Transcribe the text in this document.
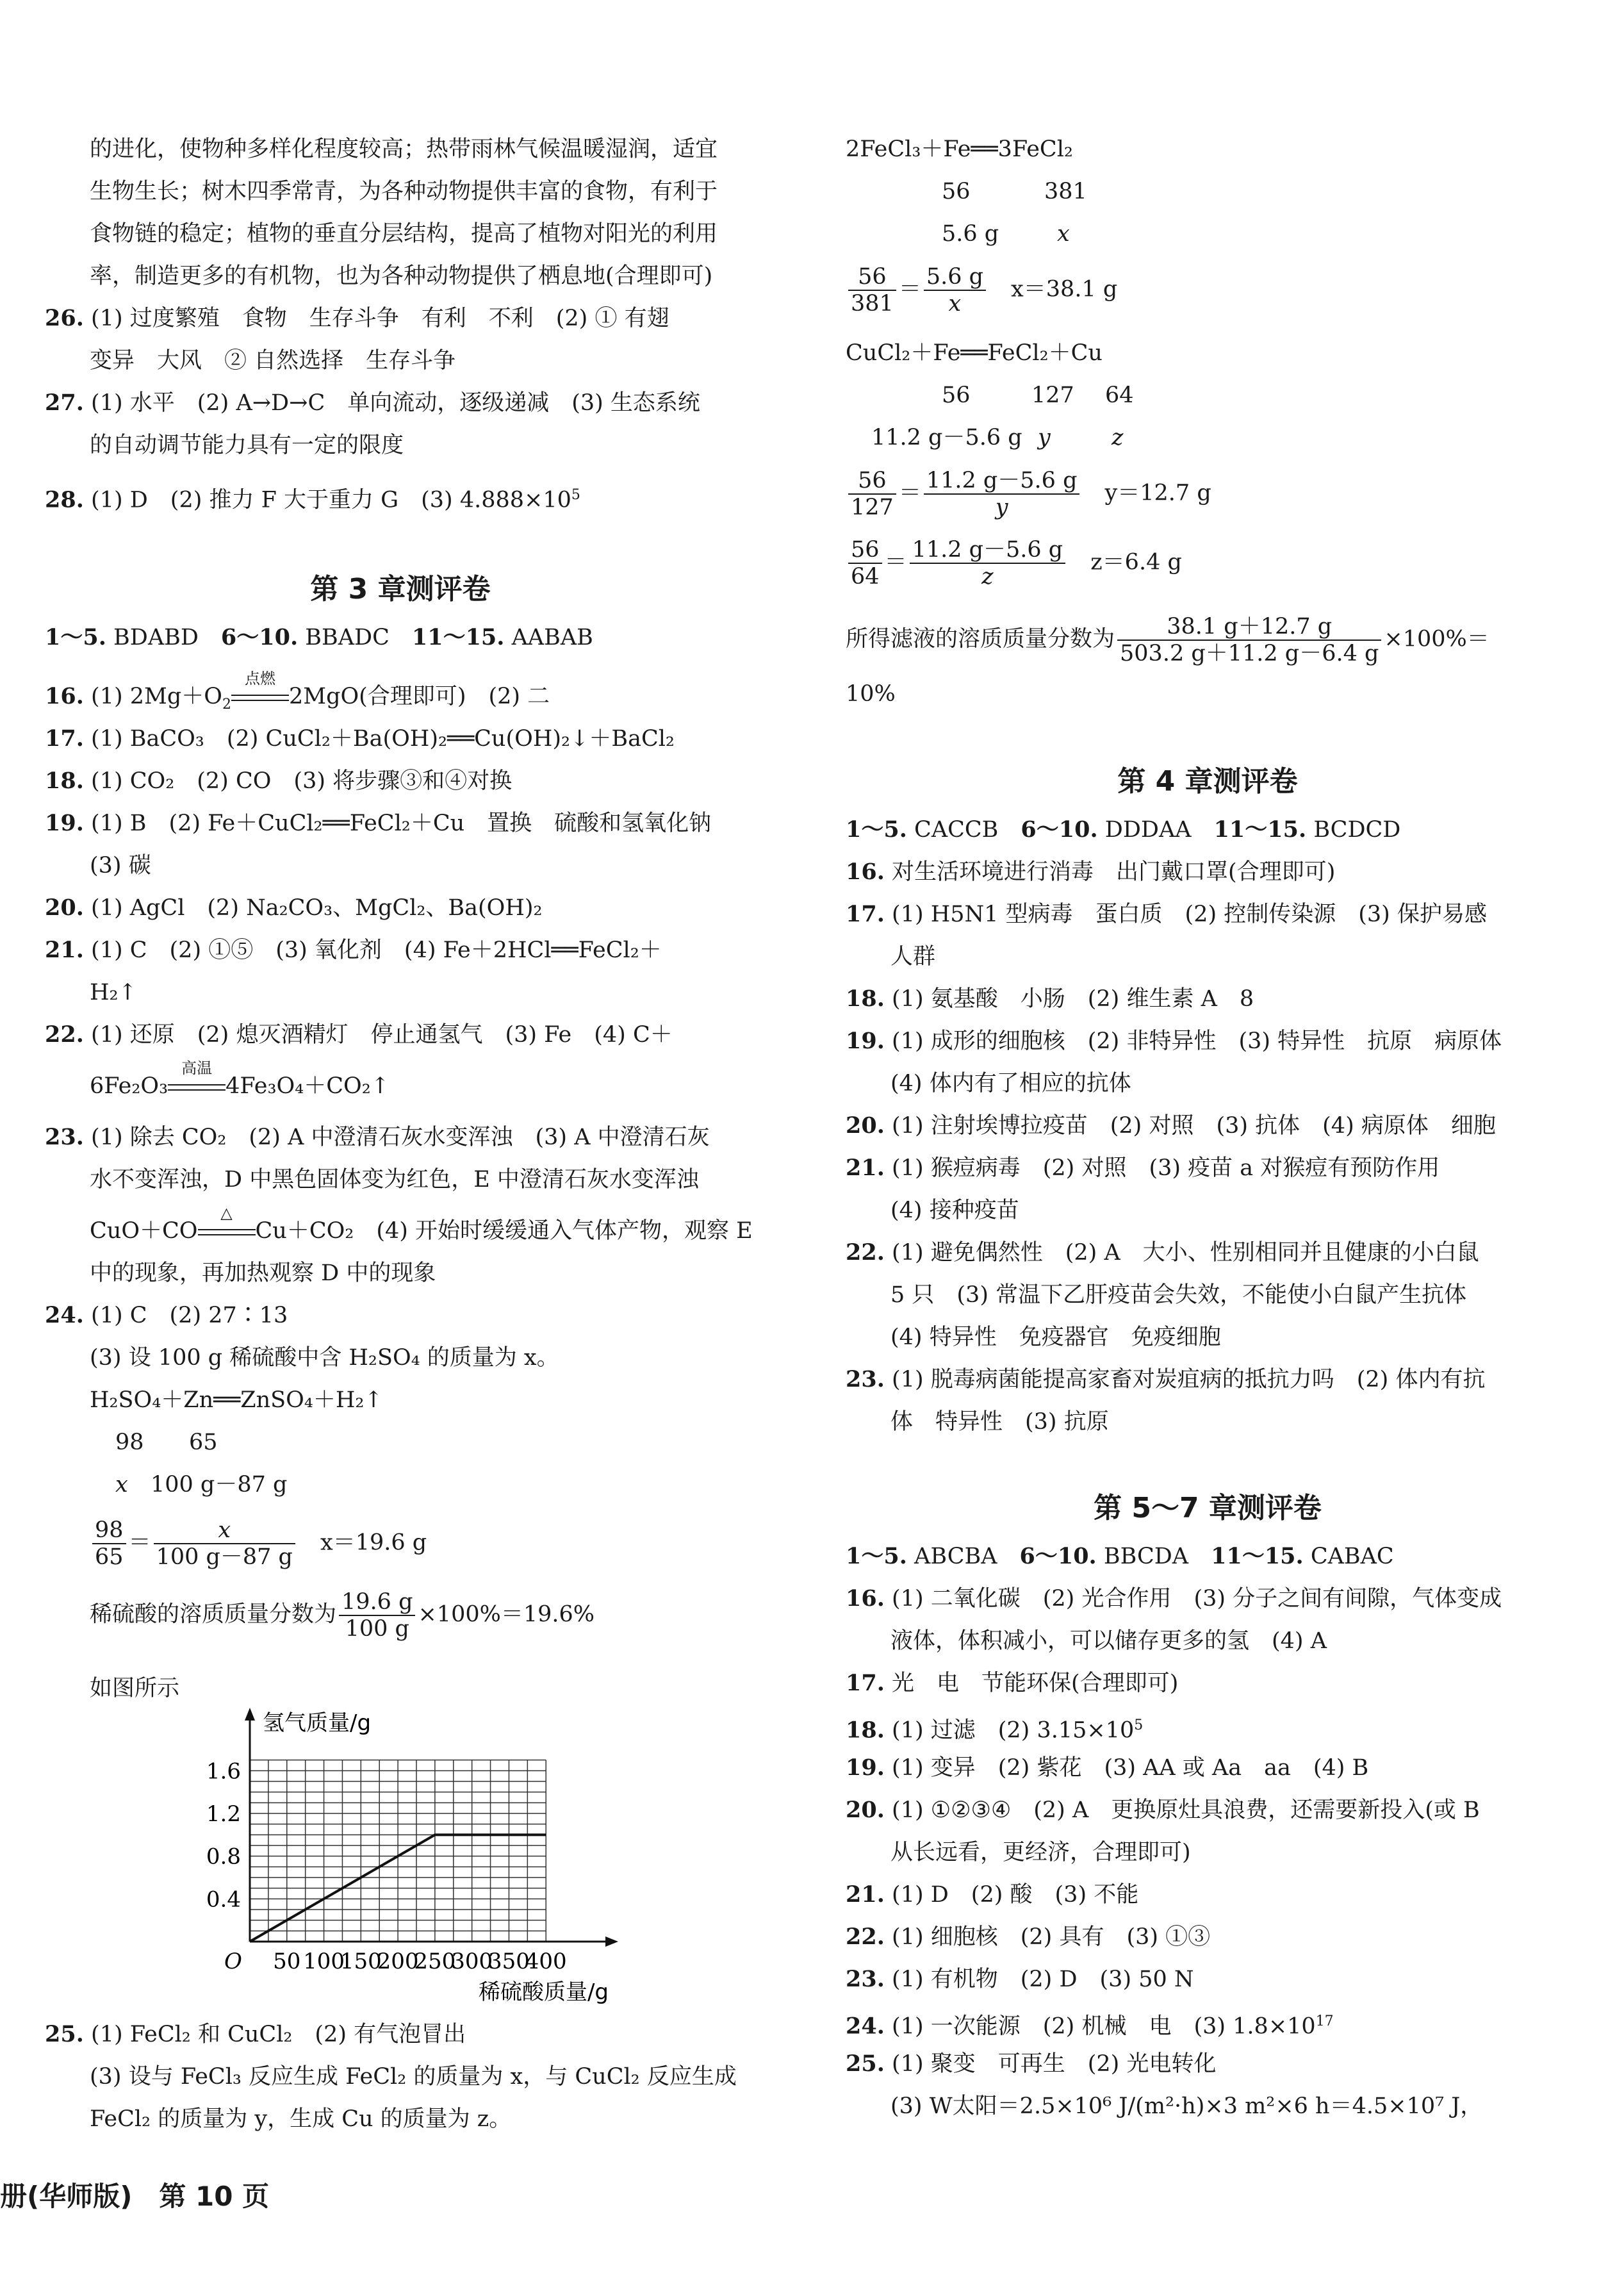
的进化，使物种多样化程度较高；热带雨林气候温暖湿润，适宜
生物生长；树木四季常青，为各种动物提供丰富的食物，有利于
食物链的稳定；植物的垂直分层结构，提高了植物对阳光的利用
率，制造更多的有机物，也为各种动物提供了栖息地(合理即可)
26. (1) 过度繁殖　食物　生存斗争　有利　不利　(2) ① 有翅
变异　大风　② 自然选择　生存斗争
27. (1) 水平　(2) A→D→C　单向流动，逐级递减　(3) 生态系统
的自动调节能力具有一定的限度
28. (1) D　(2) 推力 F 大于重力 G　(3) $4.888\times 10^5$
第 3 章测评卷
1～5. BDABD　 6～10. BBADC　 11～15. AABAB
16. (1) $2Mg+O_2$
点燃
2MgO(合理即可)　(2) 二
17. (1) BaCO₃　(2) CuCl₂＋Ba(OH)₂══Cu(OH)₂↓＋BaCl₂
18. (1) CO₂　(2) CO　(3) 将步骤③和④对换
19. (1) B　(2) Fe＋CuCl₂══FeCl₂＋Cu　置换　硫酸和氢氧化钠
(3) 碳
20. (1) AgCl　(2) Na₂CO₃、MgCl₂、Ba(OH)₂
21. (1) C　(2) ①⑤　(3) 氧化剂　(4) Fe＋2HCl══FeCl₂＋
H₂↑
22. (1) 还原　(2) 熄灭酒精灯　停止通氢气　(3) Fe　(4) C＋
6Fe₂O₃
高温
4Fe₃O₄＋CO₂↑
23. (1) 除去 CO₂　(2) A 中澄清石灰水变浑浊　(3) A 中澄清石灰
水不变浑浊，D 中黑色固体变为红色，E 中澄清石灰水变浑浊
CuO＋CO
△
Cu＋CO₂　(4) 开始时缓缓通入气体产物，观察 E
中的现象，再加热观察 D 中的现象
24. (1) C　(2) 27∶13
(3) 设 100 g 稀硫酸中含 H₂SO₄ 的质量为 x。
H₂SO₄＋Zn══ZnSO₄＋H₂↑
98 65
x 100 g－87 g
$\frac{98}{65} = \frac{x}{100 g-87 g}$
　 x＝19.6 g
稀硫酸的溶质质量分数为 $\frac{19.6 g}{100 g} \times 100\%=19.6\%$
如图所示
50 100
150
200
250
300
350
400
0.4
0.8
1.2
1.6
O
氢气质量/g
稀硫酸质量/g
25. (1) FeCl₂ 和 CuCl₂　(2) 有气泡冒出
(3) 设与 FeCl₃ 反应生成 FeCl₂ 的质量为 x，与 CuCl₂ 反应生成
FeCl₂ 的质量为 y，生成 Cu 的质量为 z。
册(华师版)　第 10 页
2FeCl₃＋Fe══3FeCl₂
56	381
5.6 g	x
$\frac{56}{381} = \frac{5.6 g}{x}$
　 x＝38.1 g
CuCl₂＋Fe══FeCl₂＋Cu
56	127 64
11.2 g－5.6 g y	z
$\frac{56}{127} = \frac{11.2 g-5.6 g}{y}$
　 y＝12.7 g
$\frac{56}{64} = \frac{11.2 g-5.6 g}{z}$
　 z＝6.4 g
所得滤液的溶质质量分数为 $\frac{38.1 g+12.7 g}{503.2 g+11.2 g-6.4 g} \times 100\%=$
10%
第 4 章测评卷
1～5. CACCB　 6～10. DDDAA　 11～15. BCDCD
16. 对生活环境进行消毒　出门戴口罩(合理即可)
17. (1) H5N1 型病毒　蛋白质　(2) 控制传染源　(3) 保护易感
人群
18. (1) 氨基酸　小肠　(2) 维生素 A　8
19. (1) 成形的细胞核　(2) 非特异性　(3) 特异性　抗原　病原体
(4) 体内有了相应的抗体
20. (1) 注射埃博拉疫苗　(2) 对照　(3) 抗体　(4) 病原体　细胞
21. (1) 猴痘病毒　(2) 对照　(3) 疫苗 a 对猴痘有预防作用
(4) 接种疫苗
22. (1) 避免偶然性　(2) A　大小、性别相同并且健康的小白鼠
5 只　(3) 常温下乙肝疫苗会失效，不能使小白鼠产生抗体
(4) 特异性　免疫器官　免疫细胞
23. (1) 脱毒病菌能提高家畜对炭疽病的抵抗力吗　(2) 体内有抗
体　特异性　(3) 抗原
第 5～7 章测评卷
1～5. ABCBA　 6～10. BBCDA　 11～15. CABAC
16. (1) 二氧化碳　(2) 光合作用　(3) 分子之间有间隙，气体变成
液体，体积减小，可以储存更多的氢　(4) A
17. 光　电　节能环保(合理即可)
18. (1) 过滤　(2) $3.15\times 10^5$
19. (1) 变异　(2) 紫花　(3) AA 或 Aa　aa　(4) B
20. (1) ①②③④　(2) A　更换原灶具浪费，还需要新投入(或 B
从长远看，更经济，合理即可)
21. (1) D　(2) 酸　(3) 不能
22. (1) 细胞核　(2) 具有　(3) ①③
23. (1) 有机物　(2) D　(3) 50 N
24. (1) 一次能源　(2) 机械　电　(3) $1.8\times 10^{17}$
25. (1) 聚变　可再生　(2) 光电转化
(3) W太阳＝2.5×10⁶ J/(m²·h)×3 m²×6 h＝4.5×10⁷ J，
